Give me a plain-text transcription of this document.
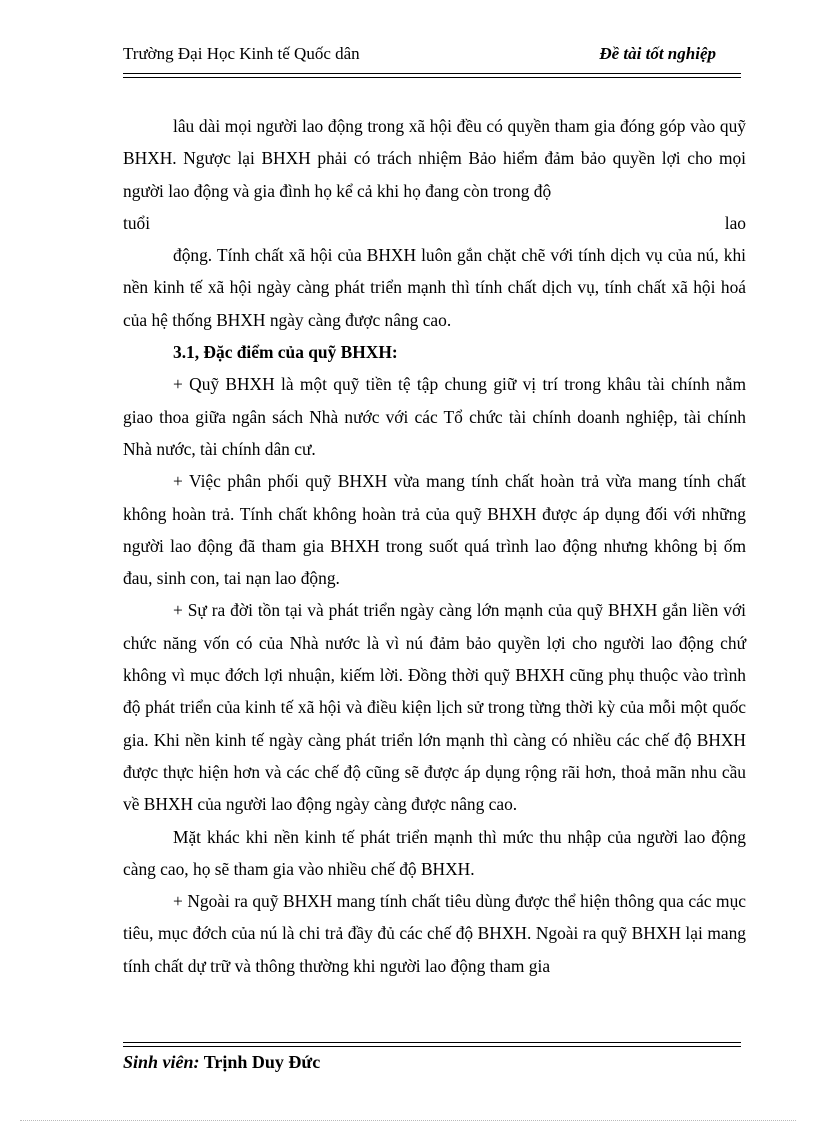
Trường Đại Học Kinh tế Quốc dân	Đề tài tốt nghiệp

lâu dài mọi người lao động trong xã hội đều có quyền tham gia đóng góp vào quỹ BHXH. Ngược lại BHXH phải có trách nhiệm Bảo hiểm đảm bảo quyền lợi cho mọi người lao động và gia đình họ kể cả khi họ đang còn trong độ

tuổi	lao

động. Tính chất xã hội của BHXH luôn gắn chặt chẽ với tính dịch vụ của nú, khi nền kinh tế xã hội ngày càng phát triển mạnh thì tính chất dịch vụ, tính chất xã hội hoá của hệ thống BHXH ngày càng được nâng cao.

3.1, Đặc điểm của quỹ BHXH:

+ Quỹ BHXH là một quỹ tiền tệ tập chung giữ vị trí trong khâu tài chính nằm giao thoa giữa ngân sách Nhà nước với các Tổ chức tài chính doanh nghiệp, tài chính Nhà nước, tài chính dân cư.

+ Việc phân phối quỹ BHXH vừa mang tính chất hoàn trả vừa mang tính chất không hoàn trả. Tính chất không hoàn trả của quỹ BHXH được áp dụng đối với những người lao động đã tham gia BHXH trong suốt quá trình lao động nhưng không bị ốm đau, sinh con, tai nạn lao động.

+ Sự ra đời tồn tại và phát triển ngày càng lớn mạnh của quỹ BHXH gắn liền với chức năng vốn có của Nhà nước là vì nú đảm bảo quyền lợi cho người lao động chứ không vì mục đớch lợi nhuận, kiếm lời. Đồng thời quỹ BHXH cũng phụ thuộc vào trình độ phát triển của kinh tế xã hội và điều kiện lịch sử trong từng thời kỳ của mỗi một quốc gia. Khi nền kinh tế ngày càng phát triển lớn mạnh thì càng có nhiều các chế độ BHXH được thực hiện hơn và các chế độ cũng sẽ được áp dụng rộng rãi hơn, thoả mãn nhu cầu về BHXH của người lao động ngày càng được nâng cao.

Mặt khác khi nền kinh tế phát triển mạnh thì mức thu nhập của người lao động càng cao, họ sẽ tham gia vào nhiều chế độ BHXH.

+ Ngoài ra quỹ BHXH mang tính chất tiêu dùng được thể hiện thông qua các mục tiêu, mục đớch của nú là chi trả đầy đủ các chế độ BHXH. Ngoài ra quỹ BHXH lại mang tính chất dự trữ và thông thường khi người lao động tham gia

Sinh viên: Trịnh Duy Đức
